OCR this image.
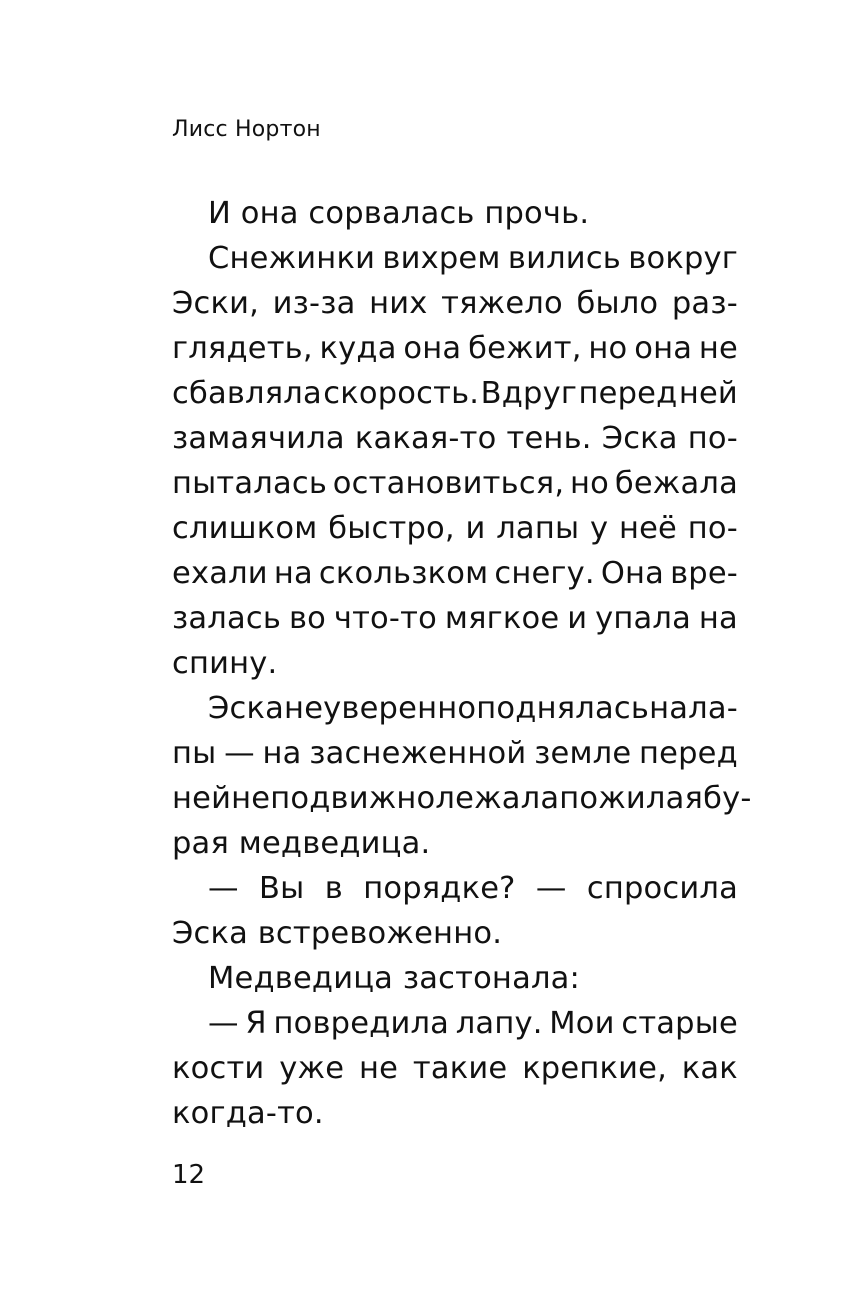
Лисс Нортон
И она сорвалась прочь.
Снежинки вихрем вились вокруг
Эски, из-за них тяжело было раз-
глядеть, куда она бежит, но она не
сбавляла скорость. Вдруг перед ней
замаячила какая-то тень. Эска по-
пыталась остановиться, но бежала
слишком быстро, и лапы у неё по-
ехали на скользком снегу. Она вре-
залась во что-то мягкое и упала на
спину.
Эска неуверенно поднялась на ла-
пы — на заснеженной земле перед
ней неподвижно лежала пожилая бу-
рая медведица.
— Вы в порядке? — спросила
Эска встревоженно.
Медведица застонала:
— Я повредила лапу. Мои старые
кости уже не такие крепкие, как
когда-то.
12
